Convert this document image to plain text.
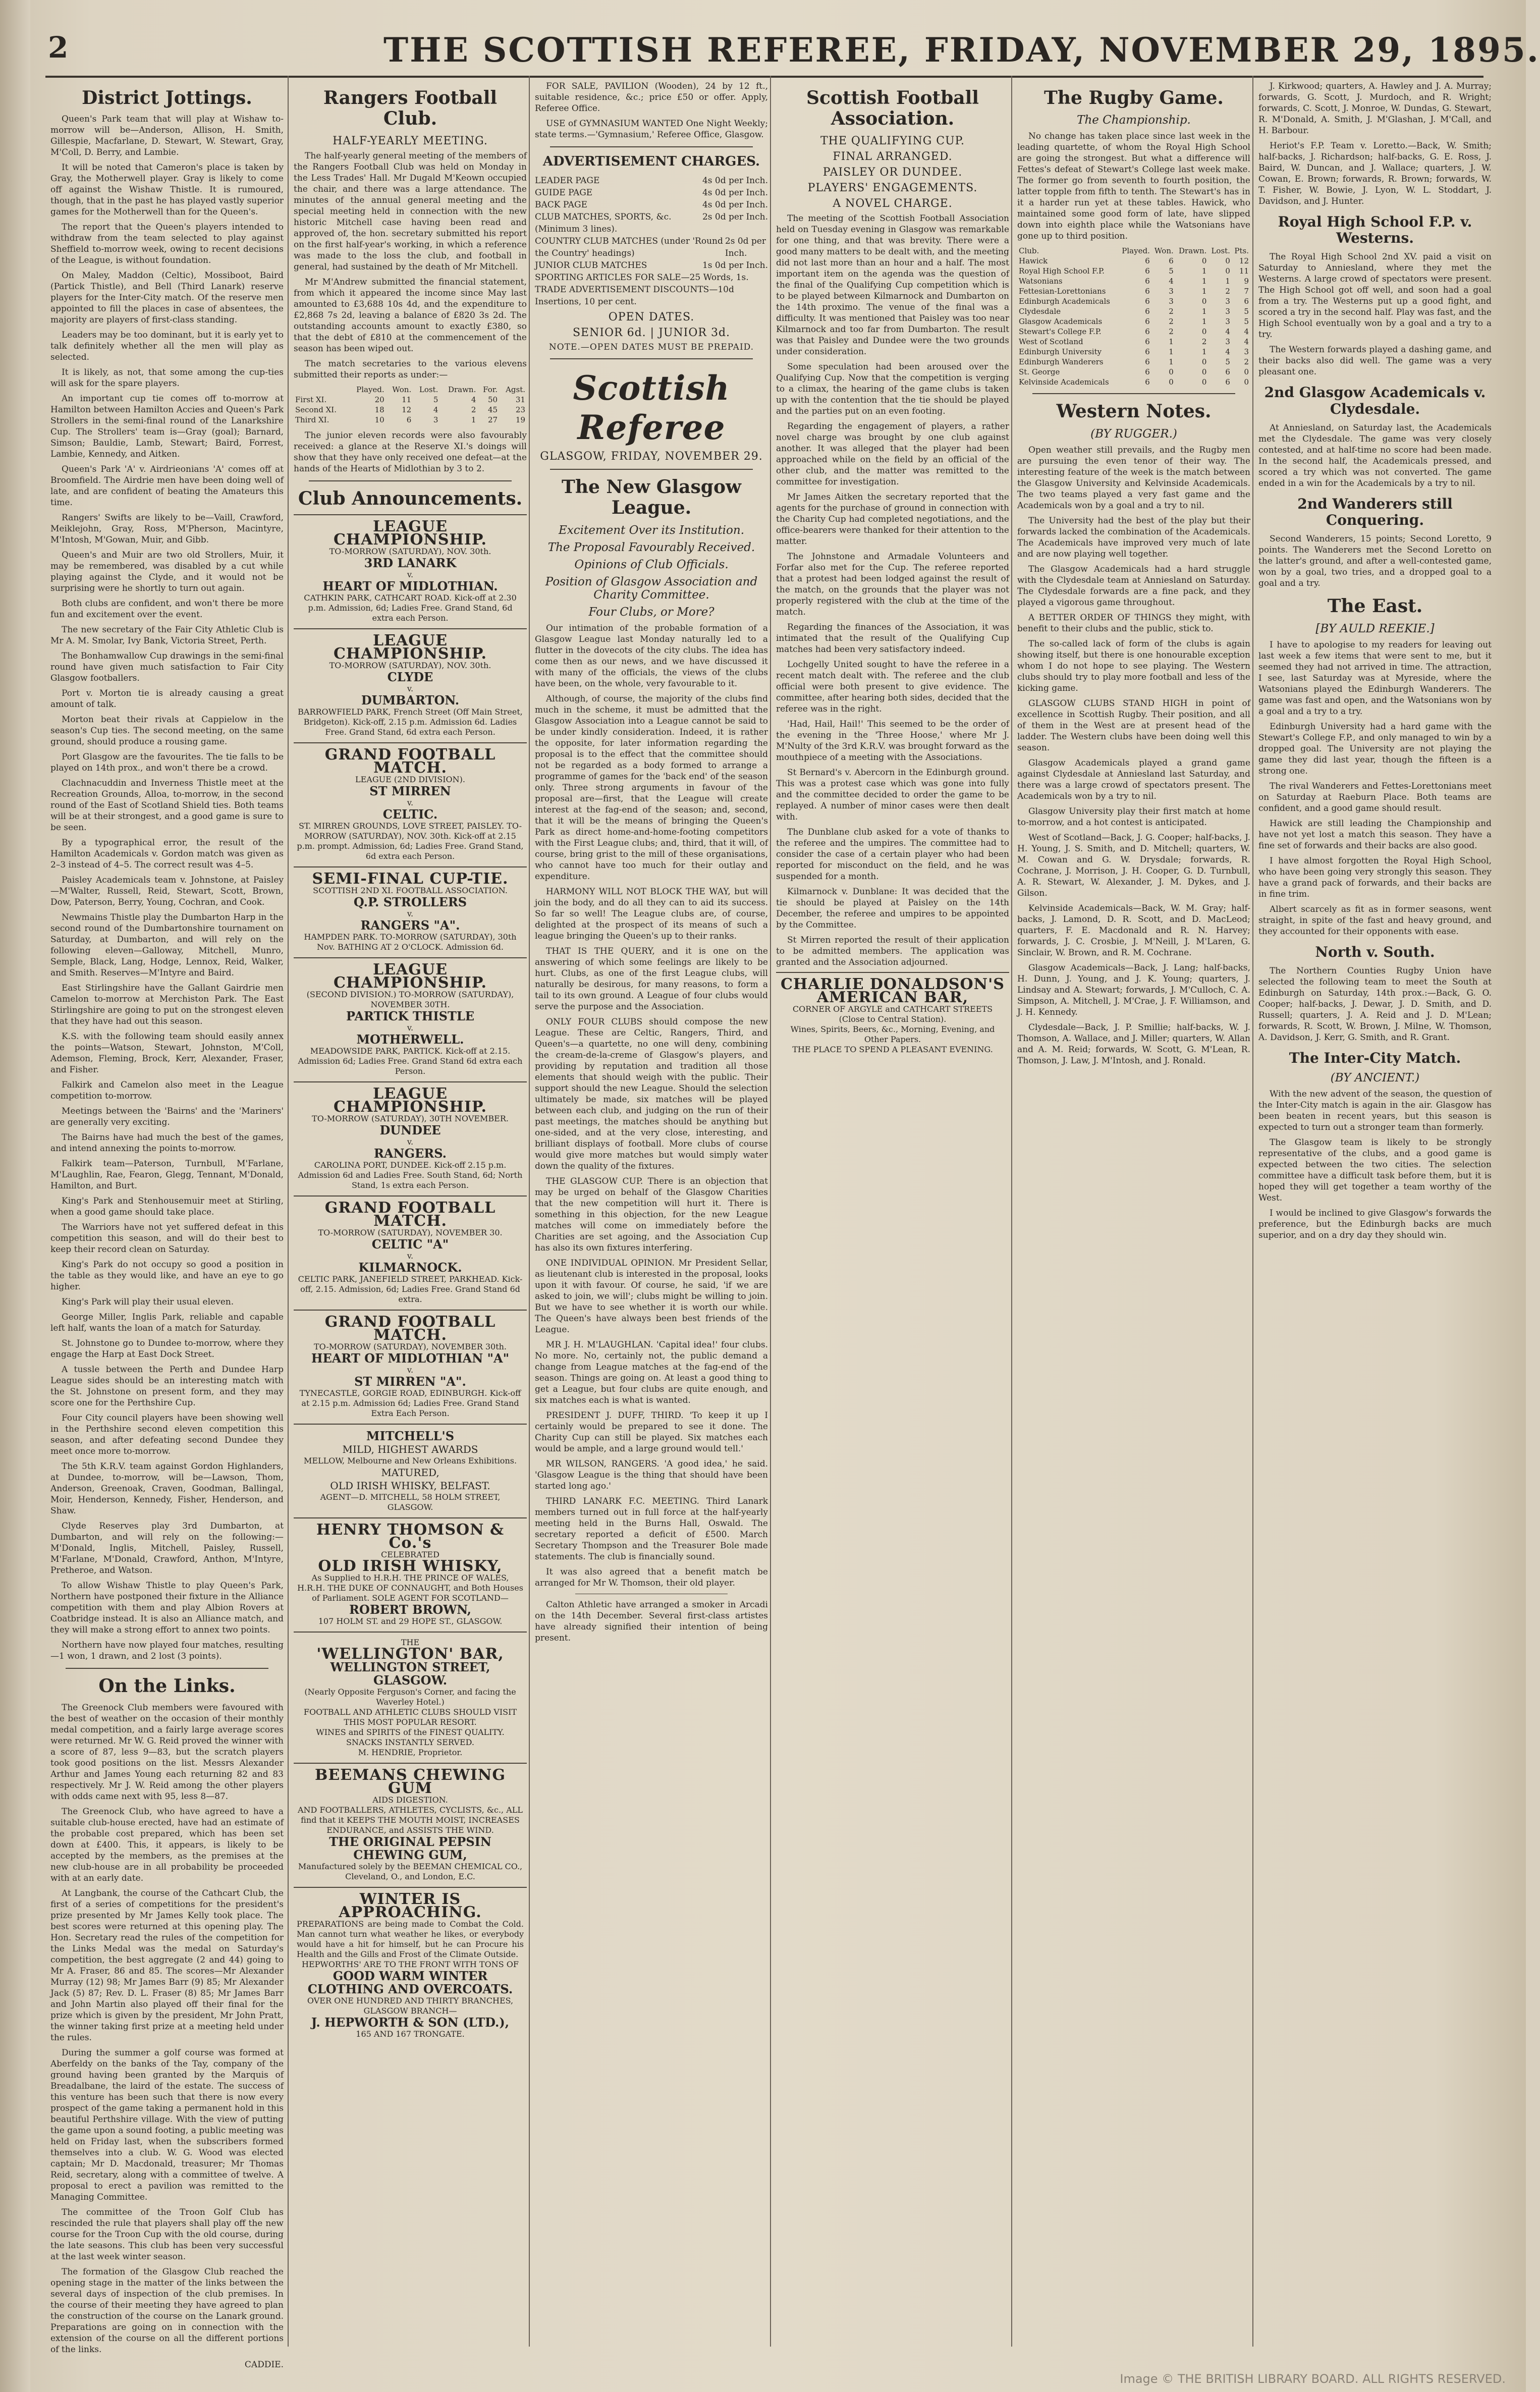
2	THE SCOTTISH REFEREE, FRIDAY, NOVEMBER 29, 1895.
District Jottings.

Queen's Park team that will play at Wishaw to-morrow will be—Anderson, Allison, H. Smith, Gillespie, Macfarlane, D. Stewart, W. Stewart, Gray, M'Coll, D. Berry, and Lambie.

It will be noted that Cameron's place is taken by Gray, the Motherwell player. Gray is likely to come off against the Wishaw Thistle. It is rumoured, though, that in the past he has played vastly superior games for the Motherwell than for the Queen's.

The report that the Queen's players intended to withdraw from the team selected to play against Sheffield to-morrow week, owing to recent decisions of the League, is without foundation.

On Maley, Maddon (Celtic), Mossiboot, Baird (Partick Thistle), and Bell (Third Lanark) reserve players for the Inter-City match. Of the reserve men appointed to fill the places in case of absentees, the majority are players of first-class standing.

Leaders may be too dominant, but it is early yet to talk definitely whether all the men will play as selected.

It is likely, as not, that some among the cup-ties will ask for the spare players.

An important cup tie comes off to-morrow at Hamilton between Hamilton Accies and Queen's Park Strollers in the semi-final round of the Lanarkshire Cup. The Strollers' team is—Gray (goal); Barnard, Simson; Bauldie, Lamb, Stewart; Baird, Forrest, Lambie, Kennedy, and Aitken.

Queen's Park 'A' v. Airdrieonians 'A' comes off at Broomfield. The Airdrie men have been doing well of late, and are confident of beating the Amateurs this time.

Rangers' Swifts are likely to be—Vaill, Crawford, Meiklejohn, Gray, Ross, M'Pherson, Macintyre, M'Intosh, M'Gowan, Muir, and Gibb.

Queen's and Muir are two old Strollers, Muir, it may be remembered, was disabled by a cut while playing against the Clyde, and it would not be surprising were he shortly to turn out again.

Both clubs are confident, and won't there be more fun and excitement over the event.

The new secretary of the Fair City Athletic Club is Mr A. M. Smolar, Ivy Bank, Victoria Street, Perth.

The Bonhamwallow Cup drawings in the semi-final round have given much satisfaction to Fair City Glasgow footballers.

Port v. Morton tie is already causing a great amount of talk.

Morton beat their rivals at Cappielow in the season's Cup ties. The second meeting, on the same ground, should produce a rousing game.

Port Glasgow are the favourites. The tie falls to be played on 14th prox., and won't there be a crowd.

Clachnacuddin and Inverness Thistle meet at the Recreation Grounds, Alloa, to-morrow, in the second round of the East of Scotland Shield ties. Both teams will be at their strongest, and a good game is sure to be seen.

By a typographical error, the result of the Hamilton Academicals v. Gordon match was given as 2–3 instead of 4–5. The correct result was 4–5.

Paisley Academicals team v. Johnstone, at Paisley—M'Walter, Russell, Reid, Stewart, Scott, Brown, Dow, Paterson, Berry, Young, Cochran, and Cook.

Newmains Thistle play the Dumbarton Harp in the second round of the Dumbartonshire tournament on Saturday, at Dumbarton, and will rely on the following eleven—Galloway, Mitchell, Munro, Semple, Black, Lang, Hodge, Lennox, Reid, Walker, and Smith. Reserves—M'Intyre and Baird.

East Stirlingshire have the Gallant Gairdrie men Camelon to-morrow at Merchiston Park. The East Stirlingshire are going to put on the strongest eleven that they have had out this season.

K.S. with the following team should easily annex the points—Watson, Stewart, Johnston, M'Coll, Ademson, Fleming, Brock, Kerr, Alexander, Fraser, and Fisher.

Falkirk and Camelon also meet in the League competition to-morrow.

Meetings between the 'Bairns' and the 'Mariners' are generally very exciting.

The Bairns have had much the best of the games, and intend annexing the points to-morrow.

Falkirk team—Paterson, Turnbull, M'Farlane, M'Laughlin, Rae, Fearon, Glegg, Tennant, M'Donald, Hamilton, and Burt.

King's Park and Stenhousemuir meet at Stirling, when a good game should take place.

The Warriors have not yet suffered defeat in this competition this season, and will do their best to keep their record clean on Saturday.

King's Park do not occupy so good a position in the table as they would like, and have an eye to go higher.

King's Park will play their usual eleven.

George Miller, Inglis Park, reliable and capable left half, wants the loan of a match for Saturday.

St. Johnstone go to Dundee to-morrow, where they engage the Harp at East Dock Street.

A tussle between the Perth and Dundee Harp League sides should be an interesting match with the St. Johnstone on present form, and they may score one for the Perthshire Cup.

Four City council players have been showing well in the Perthshire second eleven competition this season, and after defeating second Dundee they meet once more to-morrow.

The 5th K.R.V. team against Gordon Highlanders, at Dundee, to-morrow, will be—Lawson, Thom, Anderson, Greenoak, Craven, Goodman, Ballingal, Moir, Henderson, Kennedy, Fisher, Henderson, and Shaw.

Clyde Reserves play 3rd Dumbarton, at Dumbarton, and will rely on the following:—M'Donald, Inglis, Mitchell, Paisley, Russell, M'Farlane, M'Donald, Crawford, Anthon, M'Intyre, Pretheroe, and Watson.

To allow Wishaw Thistle to play Queen's Park, Northern have postponed their fixture in the Alliance competition with them and play Albion Rovers at Coatbridge instead. It is also an Alliance match, and they will make a strong effort to annex two points.

Northern have now played four matches, resulting—1 won, 1 drawn, and 2 lost (3 points).

On the Links.

The Greenock Club members were favoured with the best of weather on the occasion of their monthly medal competition, and a fairly large average scores were returned. Mr W. G. Reid proved the winner with a score of 87, less 9—83, but the scratch players took good positions on the list. Messrs Alexander Arthur and James Young each returning 82 and 83 respectively. Mr J. W. Reid among the other players with odds came next with 95, less 8—87.

The Greenock Club, who have agreed to have a suitable club-house erected, have had an estimate of the probable cost prepared, which has been set down at £400. This, it appears, is likely to be accepted by the members, as the premises at the new club-house are in all probability be proceeded with at an early date.

At Langbank, the course of the Cathcart Club, the first of a series of competitions for the president's prize presented by Mr James Kelly took place. The best scores were returned at this opening play. The Hon. Secretary read the rules of the competition for the Links Medal was the medal on Saturday's competition, the best aggregate (2 and 44) going to Mr A. Fraser, 86 and 85. The scores—Mr Alexander Murray (12) 98; Mr James Barr (9) 85; Mr Alexander Jack (5) 87; Rev. D. L. Fraser (8) 85; Mr James Barr and John Martin also played off their final for the prize which is given by the president, Mr John Pratt, the winner taking first prize at a meeting held under the rules.

During the summer a golf course was formed at Aberfeldy on the banks of the Tay, company of the ground having been granted by the Marquis of Breadalbane, the laird of the estate. The success of this venture has been such that there is now every prospect of the game taking a permanent hold in this beautiful Perthshire village. With the view of putting the game upon a sound footing, a public meeting was held on Friday last, when the subscribers formed themselves into a club. W. G. Wood was elected captain; Mr D. Macdonald, treasurer; Mr Thomas Reid, secretary, along with a committee of twelve. A proposal to erect a pavilion was remitted to the Managing Committee.

The committee of the Troon Golf Club has rescinded the rule that players shall play off the new course for the Troon Cup with the old course, during the late seasons. This club has been very successful at the last week winter season.

The formation of the Glasgow Club reached the opening stage in the matter of the links between the several days of inspection of the club premises. In the course of their meeting they have agreed to plan the construction of the course on the Lanark ground. Preparations are going on in connection with the extension of the course on all the different portions of the links.

CADDIE.

Rangers Football Club.
HALF-YEARLY MEETING.

The half-yearly general meeting of the members of the Rangers Football Club was held on Monday in the Less Trades' Hall. Mr Dugald M'Keown occupied the chair, and there was a large attendance. The minutes of the annual general meeting and the special meeting held in connection with the new historic Mitchell case having been read and approved of, the hon. secretary submitted his report on the first half-year's working, in which a reference was made to the loss the club, and football in general, had sustained by the death of Mr Mitchell.

Mr M'Andrew submitted the financial statement, from which it appeared the income since May last amounted to £3,688 10s 4d, and the expenditure to £2,868 7s 2d, leaving a balance of £820 3s 2d. The outstanding accounts amount to exactly £380, so that the debt of £810 at the commencement of the season has been wiped out.

The match secretaries to the various elevens submitted their reports as under:—

	Played.	Won.	Lost.	Drawn.	For.	Agst.
First XI.	20	11	5	4	50	31
Second XI.	18	12	4	2	45	23
Third XI.	10	6	3	1	27	19

The junior eleven records were also favourably received: a glance at the Reserve XI.'s doings will show that they have only received one defeat—at the hands of the Hearts of Midlothian by 3 to 2.

Club Announcements.
LEAGUE CHAMPIONSHIP.
TO-MORROW (SATURDAY), NOV. 30th.
3RD LANARK
v.
HEART OF MIDLOTHIAN.
CATHKIN PARK, CATHCART ROAD. Kick-off at 2.30 p.m. Admission, 6d; Ladies Free. Grand Stand, 6d extra each Person.
LEAGUE CHAMPIONSHIP.
TO-MORROW (SATURDAY), NOV. 30th.
CLYDE
v.
DUMBARTON.
BARROWFIELD PARK, French Street (Off Main Street, Bridgeton). Kick-off, 2.15 p.m. Admission 6d. Ladies Free. Grand Stand, 6d extra each Person.
GRAND FOOTBALL MATCH.
LEAGUE (2ND DIVISION).
ST MIRREN
v.
CELTIC.
ST. MIRREN GROUNDS, LOVE STREET, PAISLEY. TO-MORROW (SATURDAY), NOV. 30th. Kick-off at 2.15 p.m. prompt. Admission, 6d; Ladies Free. Grand Stand, 6d extra each Person.
SEMI-FINAL CUP-TIE.
SCOTTISH 2ND XI. FOOTBALL ASSOCIATION.
Q.P. STROLLERS
v.
RANGERS "A".
HAMPDEN PARK. TO-MORROW (SATURDAY), 30th Nov. BATHING AT 2 O'CLOCK. Admission 6d.
LEAGUE CHAMPIONSHIP.
(SECOND DIVISION.) TO-MORROW (SATURDAY), NOVEMBER 30TH.
PARTICK THISTLE
v.
MOTHERWELL.
MEADOWSIDE PARK, PARTICK. Kick-off at 2.15. Admission 6d; Ladies Free. Grand Stand 6d extra each Person.
LEAGUE CHAMPIONSHIP.
TO-MORROW (SATURDAY), 30TH NOVEMBER.
DUNDEE
v.
RANGERS.
CAROLINA PORT, DUNDEE. Kick-off 2.15 p.m. Admission 6d and Ladies Free. South Stand, 6d; North Stand, 1s extra each Person.
GRAND FOOTBALL MATCH.
TO-MORROW (SATURDAY), NOVEMBER 30.
CELTIC "A"
v.
KILMARNOCK.
CELTIC PARK, JANEFIELD STREET, PARKHEAD. Kick-off, 2.15. Admission, 6d; Ladies Free. Grand Stand 6d extra.
GRAND FOOTBALL MATCH.
TO-MORROW (SATURDAY), NOVEMBER 30th.
HEART OF MIDLOTHIAN "A"
v.
ST MIRREN "A".
TYNECASTLE, GORGIE ROAD, EDINBURGH. Kick-off at 2.15 p.m. Admission 6d; Ladies Free. Grand Stand Extra Each Person.
MITCHELL'S
MILD, HIGHEST AWARDS
MELLOW, Melbourne and New Orleans Exhibitions.
MATURED,
OLD IRISH WHISKY, BELFAST.
AGENT—D. MITCHELL, 58 HOLM STREET, GLASGOW.
HENRY THOMSON & Co.'s
CELEBRATED
OLD IRISH WHISKY,
As Supplied to H.R.H. THE PRINCE OF WALES, H.R.H. THE DUKE OF CONNAUGHT, and Both Houses of Parliament. SOLE AGENT FOR SCOTLAND—
ROBERT BROWN,
107 HOLM ST. and 29 HOPE ST., GLASGOW.
THE
'WELLINGTON' BAR,
WELLINGTON STREET, GLASGOW.
(Nearly Opposite Ferguson's Corner, and facing the Waverley Hotel.)
FOOTBALL AND ATHLETIC CLUBS SHOULD VISIT THIS MOST POPULAR RESORT.
WINES and SPIRITS of the FINEST QUALITY.
SNACKS INSTANTLY SERVED.
M. HENDRIE, Proprietor.
BEEMANS CHEWING GUM
AIDS DIGESTION.
AND FOOTBALLERS, ATHLETES, CYCLISTS, &c., ALL find that it KEEPS THE MOUTH MOIST, INCREASES ENDURANCE, and ASSISTS THE WIND.
THE ORIGINAL PEPSIN CHEWING GUM,
Manufactured solely by the BEEMAN CHEMICAL CO., Cleveland, O., and London, E.C.
WINTER IS APPROACHING.
PREPARATIONS are being made to Combat the Cold. Man cannot turn what weather he likes, or everybody would have a hit for himself, but he can Procure his Health and the Gills and Frost of the Climate Outside.
HEPWORTHS' ARE TO THE FRONT WITH TONS OF
GOOD WARM WINTER CLOTHING AND OVERCOATS.
OVER ONE HUNDRED AND THIRTY BRANCHES,
GLASGOW BRANCH—
J. HEPWORTH & SON (LTD.),
165 AND 167 TRONGATE.

FOR SALE, PAVILION (Wooden), 24 by 12 ft., suitable residence, &c.; price £50 or offer. Apply, Referee Office.

USE of GYMNASIUM WANTED One Night Weekly; state terms.—'Gymnasium,' Referee Office, Glasgow.

ADVERTISEMENT CHARGES.
LEADER PAGE	4s 0d per Inch.
GUIDE PAGE	4s 0d per Inch.
BACK PAGE	4s 0d per Inch.
CLUB MATCHES, SPORTS, &c.	2s 0d per Inch.
(Minimum 3 lines).
COUNTRY CLUB MATCHES (under 'Round the Country' headings)
2s 0d per Inch.
JUNIOR CLUB MATCHES	1s 0d per Inch.
SPORTING ARTICLES FOR SALE—25 Words, 1s.
TRADE ADVERTISEMENT DISCOUNTS—10d Insertions, 10 per cent.
OPEN DATES.
SENIOR 6d. | JUNIOR 3d.
NOTE.—OPEN DATES MUST BE PREPAID.
Scottish Referee
GLASGOW, FRIDAY, NOVEMBER 29.
The New Glasgow League.
Excitement Over its Institution.
The Proposal Favourably Received.
Opinions of Club Officials.
Position of Glasgow Association and Charity Committee.
Four Clubs, or More?

Our intimation of the probable formation of a Glasgow League last Monday naturally led to a flutter in the dovecots of the city clubs. The idea has come then as our news, and we have discussed it with many of the officials, the views of the clubs have been, on the whole, very favourable to it.

Although, of course, the majority of the clubs find much in the scheme, it must be admitted that the Glasgow Association into a League cannot be said to be under kindly consideration. Indeed, it is rather the opposite, for later information regarding the proposal is to the effect that the committee should not be regarded as a body formed to arrange a programme of games for the 'back end' of the season only. Three strong arguments in favour of the proposal are—first, that the League will create interest at the fag-end of the season; and, second, that it will be the means of bringing the Queen's Park as direct home-and-home-footing competitors with the First League clubs; and, third, that it will, of course, bring grist to the mill of these organisations, who cannot have too much for their outlay and expenditure.

HARMONY WILL NOT BLOCK THE WAY, but will join the body, and do all they can to aid its success. So far so well! The League clubs are, of course, delighted at the prospect of its means of such a league bringing the Queen's up to their ranks.

THAT IS THE QUERY, and it is one on the answering of which some feelings are likely to be hurt. Clubs, as one of the first League clubs, will naturally be desirous, for many reasons, to form a tail to its own ground. A League of four clubs would serve the purpose and the Association.

ONLY FOUR CLUBS should compose the new League. These are Celtic, Rangers, Third, and Queen's—a quartette, no one will deny, combining the cream-de-la-creme of Glasgow's players, and providing by reputation and tradition all those elements that should weigh with the public. Their support should the new League. Should the selection ultimately be made, six matches will be played between each club, and judging on the run of their past meetings, the matches should be anything but one-sided, and at the very close, interesting, and brilliant displays of football. More clubs of course would give more matches but would simply water down the quality of the fixtures.

THE GLASGOW CUP. There is an objection that may be urged on behalf of the Glasgow Charities that the new competition will hurt it. There is something in this objection, for the new League matches will come on immediately before the Charities are set agoing, and the Association Cup has also its own fixtures interfering.

ONE INDIVIDUAL OPINION. Mr President Sellar, as lieutenant club is interested in the proposal, looks upon it with favour. Of course, he said, 'if we are asked to join, we will'; clubs might be willing to join. But we have to see whether it is worth our while. The Queen's have always been best friends of the League.

MR J. H. M'LAUGHLAN. 'Capital idea!' four clubs. No more. No, certainly not, the public demand a change from League matches at the fag-end of the season. Things are going on. At least a good thing to get a League, but four clubs are quite enough, and six matches each is what is wanted.

PRESIDENT J. DUFF, THIRD. 'To keep it up I certainly would be prepared to see it done. The Charity Cup can still be played. Six matches each would be ample, and a large ground would tell.'

MR WILSON, RANGERS. 'A good idea,' he said. 'Glasgow League is the thing that should have been started long ago.'

THIRD LANARK F.C. MEETING. Third Lanark members turned out in full force at the half-yearly meeting held in the Burns Hall, Oswald. The secretary reported a deficit of £500. March Secretary Thompson and the Treasurer Bole made statements. The club is financially sound.

It was also agreed that a benefit match be arranged for Mr W. Thomson, their old player.

Calton Athletic have arranged a smoker in Arcadi on the 14th December. Several first-class artistes have already signified their intention of being present.

Scottish Football Association.
THE QUALIFYING CUP.
FINAL ARRANGED.
PAISLEY OR DUNDEE.
PLAYERS' ENGAGEMENTS.
A NOVEL CHARGE.

The meeting of the Scottish Football Association held on Tuesday evening in Glasgow was remarkable for one thing, and that was brevity. There were a good many matters to be dealt with, and the meeting did not last more than an hour and a half. The most important item on the agenda was the question of the final of the Qualifying Cup competition which is to be played between Kilmarnock and Dumbarton on the 14th proximo. The venue of the final was a difficulty. It was mentioned that Paisley was too near Kilmarnock and too far from Dumbarton. The result was that Paisley and Dundee were the two grounds under consideration.

Some speculation had been aroused over the Qualifying Cup. Now that the competition is verging to a climax, the hearing of the game clubs is taken up with the contention that the tie should be played and the parties put on an even footing.

Regarding the engagement of players, a rather novel charge was brought by one club against another. It was alleged that the player had been approached while on the field by an official of the other club, and the matter was remitted to the committee for investigation.

Mr James Aitken the secretary reported that the agents for the purchase of ground in connection with the Charity Cup had completed negotiations, and the office-bearers were thanked for their attention to the matter.

The Johnstone and Armadale Volunteers and Forfar also met for the Cup. The referee reported that a protest had been lodged against the result of the match, on the grounds that the player was not properly registered with the club at the time of the match.

Regarding the finances of the Association, it was intimated that the result of the Qualifying Cup matches had been very satisfactory indeed.

Lochgelly United sought to have the referee in a recent match dealt with. The referee and the club official were both present to give evidence. The committee, after hearing both sides, decided that the referee was in the right.

'Had, Hail, Hail!' This seemed to be the order of the evening in the 'Three Hoose,' where Mr J. M'Nulty of the 3rd K.R.V. was brought forward as the mouthpiece of a meeting with the Associations.

St Bernard's v. Abercorn in the Edinburgh ground. This was a protest case which was gone into fully and the committee decided to order the game to be replayed. A number of minor cases were then dealt with.

The Dunblane club asked for a vote of thanks to the referee and the umpires. The committee had to consider the case of a certain player who had been reported for misconduct on the field, and he was suspended for a month.

Kilmarnock v. Dunblane: It was decided that the tie should be played at Paisley on the 14th December, the referee and umpires to be appointed by the Committee.

St Mirren reported the result of their application to be admitted members. The application was granted and the Association adjourned.

CHARLIE DONALDSON'S AMERICAN BAR,
CORNER OF ARGYLE and CATHCART STREETS (Close to Central Station).
Wines, Spirits, Beers, &c., Morning, Evening, and Other Papers.
THE PLACE TO SPEND A PLEASANT EVENING.
The Rugby Game.
The Championship.

No change has taken place since last week in the leading quartette, of whom the Royal High School are going the strongest. But what a difference will Fettes's defeat of Stewart's College last week make. The former go from seventh to fourth position, the latter topple from fifth to tenth. The Stewart's has in it a harder run yet at these tables. Hawick, who maintained some good form of late, have slipped down into eighth place while the Watsonians have gone up to third position.

Club.	Played.	Won.	Drawn.	Lost.	Pts.
Hawick	6	6	0	0	12
Royal High School F.P.	6	5	1	0	11
Watsonians	6	4	1	1	9
Fettesian-Lorettonians	6	3	1	2	7
Edinburgh Academicals	6	3	0	3	6
Clydesdale	6	2	1	3	5
Glasgow Academicals	6	2	1	3	5
Stewart's College F.P.	6	2	0	4	4
West of Scotland	6	1	2	3	4
Edinburgh University	6	1	1	4	3
Edinburgh Wanderers	6	1	0	5	2
St. George	6	0	0	6	0
Kelvinside Academicals	6	0	0	6	0
Western Notes.
(BY RUGGER.)

Open weather still prevails, and the Rugby men are pursuing the even tenor of their way. The interesting feature of the week is the match between the Glasgow University and Kelvinside Academicals. The two teams played a very fast game and the Academicals won by a goal and a try to nil.

The University had the best of the play but their forwards lacked the combination of the Academicals. The Academicals have improved very much of late and are now playing well together.

The Glasgow Academicals had a hard struggle with the Clydesdale team at Anniesland on Saturday. The Clydesdale forwards are a fine pack, and they played a vigorous game throughout.

A BETTER ORDER OF THINGS they might, with benefit to their clubs and the public, stick to.

The so-called lack of form of the clubs is again showing itself, but there is one honourable exception whom I do not hope to see playing. The Western clubs should try to play more football and less of the kicking game.

GLASGOW CLUBS STAND HIGH in point of excellence in Scottish Rugby. Their position, and all of them in the West are at present head of the ladder. The Western clubs have been doing well this season.

Glasgow Academicals played a grand game against Clydesdale at Anniesland last Saturday, and there was a large crowd of spectators present. The Academicals won by a try to nil.

Glasgow University play their first match at home to-morrow, and a hot contest is anticipated.

West of Scotland—Back, J. G. Cooper; half-backs, J. H. Young, J. S. Smith, and D. Mitchell; quarters, W. M. Cowan and G. W. Drysdale; forwards, R. Cochrane, J. Morrison, J. H. Cooper, G. D. Turnbull, A. R. Stewart, W. Alexander, J. M. Dykes, and J. Gilson.

Kelvinside Academicals—Back, W. M. Gray; half-backs, J. Lamond, D. R. Scott, and D. MacLeod; quarters, F. E. Macdonald and R. N. Harvey; forwards, J. C. Crosbie, J. M'Neill, J. M'Laren, G. Sinclair, W. Brown, and R. M. Cochrane.

Glasgow Academicals—Back, J. Lang; half-backs, H. Dunn, J. Young, and J. K. Young; quarters, J. Lindsay and A. Stewart; forwards, J. M'Culloch, C. A. Simpson, A. Mitchell, J. M'Crae, J. F. Williamson, and J. H. Kennedy.

Clydesdale—Back, J. P. Smillie; half-backs, W. J. Thomson, A. Wallace, and J. Miller; quarters, W. Allan and A. M. Reid; forwards, W. Scott, G. M'Lean, R. Thomson, J. Law, J. M'Intosh, and J. Ronald.

J. Kirkwood; quarters, A. Hawley and J. A. Murray; forwards, G. Scott, J. Murdoch, and R. Wright; forwards, C. Scott, J. Monroe, W. Dundas, G. Stewart, R. M'Donald, A. Smith, J. M'Glashan, J. M'Call, and H. Barbour.

Heriot's F.P. Team v. Loretto.—Back, W. Smith; half-backs, J. Richardson; half-backs, G. E. Ross, J. Baird, W. Duncan, and J. Wallace; quarters, J. W. Cowan, E. Brown; forwards, R. Brown; forwards, W. T. Fisher, W. Bowie, J. Lyon, W. L. Stoddart, J. Davidson, and J. Hunter.

Royal High School F.P. v. Westerns.

The Royal High School 2nd XV. paid a visit on Saturday to Anniesland, where they met the Westerns. A large crowd of spectators were present. The High School got off well, and soon had a goal from a try. The Westerns put up a good fight, and scored a try in the second half. Play was fast, and the High School eventually won by a goal and a try to a try.

The Western forwards played a dashing game, and their backs also did well. The game was a very pleasant one.

2nd Glasgow Academicals v. Clydesdale.

At Anniesland, on Saturday last, the Academicals met the Clydesdale. The game was very closely contested, and at half-time no score had been made. In the second half, the Academicals pressed, and scored a try which was not converted. The game ended in a win for the Academicals by a try to nil.

2nd Wanderers still Conquering.

Second Wanderers, 15 points; Second Loretto, 9 points. The Wanderers met the Second Loretto on the latter's ground, and after a well-contested game, won by a goal, two tries, and a dropped goal to a goal and a try.

The East.
[BY AULD REEKIE.]

I have to apologise to my readers for leaving out last week a few items that were sent to me, but it seemed they had not arrived in time. The attraction, I see, last Saturday was at Myreside, where the Watsonians played the Edinburgh Wanderers. The game was fast and open, and the Watsonians won by a goal and a try to a try.

Edinburgh University had a hard game with the Stewart's College F.P., and only managed to win by a dropped goal. The University are not playing the game they did last year, though the fifteen is a strong one.

The rival Wanderers and Fettes-Lorettonians meet on Saturday at Raeburn Place. Both teams are confident, and a good game should result.

Hawick are still leading the Championship and have not yet lost a match this season. They have a fine set of forwards and their backs are also good.

I have almost forgotten the Royal High School, who have been going very strongly this season. They have a grand pack of forwards, and their backs are in fine trim.

Albert scarcely as fit as in former seasons, went straight, in spite of the fast and heavy ground, and they accounted for their opponents with ease.

North v. South.

The Northern Counties Rugby Union have selected the following team to meet the South at Edinburgh on Saturday, 14th prox.:—Back, G. O. Cooper; half-backs, J. Dewar, J. D. Smith, and D. Russell; quarters, J. A. Reid and J. D. M'Lean; forwards, R. Scott, W. Brown, J. Milne, W. Thomson, A. Davidson, J. Kerr, G. Smith, and R. Grant.

The Inter-City Match.
(BY ANCIENT.)

With the new advent of the season, the question of the Inter-City match is again in the air. Glasgow has been beaten in recent years, but this season is expected to turn out a stronger team than formerly.

The Glasgow team is likely to be strongly representative of the clubs, and a good game is expected between the two cities. The selection committee have a difficult task before them, but it is hoped they will get together a team worthy of the West.

I would be inclined to give Glasgow's forwards the preference, but the Edinburgh backs are much superior, and on a dry day they should win.

Image © THE BRITISH LIBRARY BOARD. ALL RIGHTS RESERVED.
